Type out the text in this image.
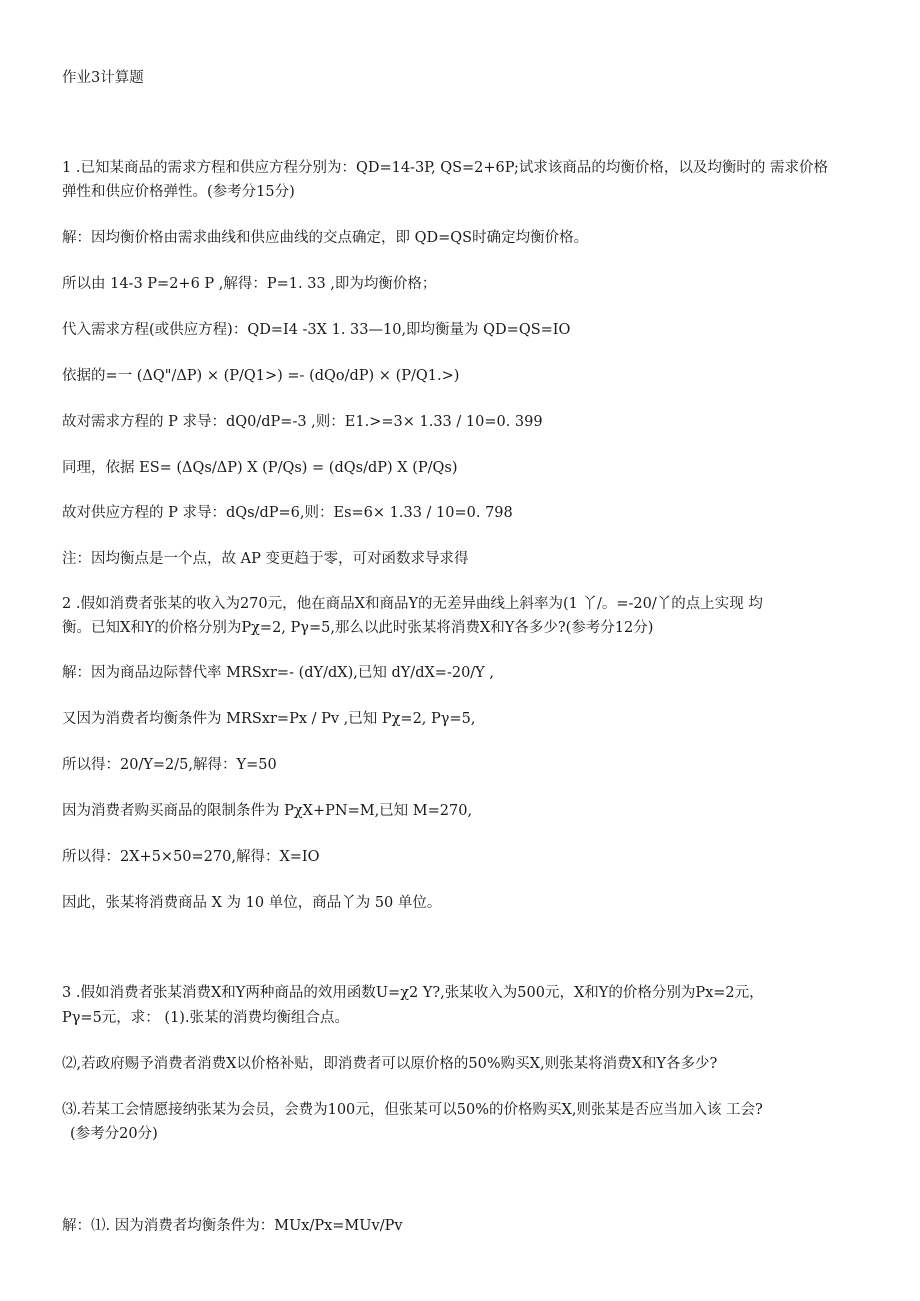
作业3计算题
1 .已知某商品的需求方程和供应方程分别为：QD=14-3P, QS=2+6P;试求该商品的均衡价格，以及均衡时的 需求价格
弹性和供应价格弹性。(参考分15分)
解：因均衡价格由需求曲线和供应曲线的交点确定，即 QD=QS时确定均衡价格。
所以由 14-3 P=2+6 P ,解得：P=1. 33 ,即为均衡价格；
代入需求方程(或供应方程)：QD=I4 -3X 1. 33—10,即均衡量为 QD=QS=IO
依据的=一 (ΔQ"/ΔP) × (P/Q1>) =- (dQo/dP) × (P/Q1.>)
故对需求方程的 P 求导：dQ0/dP=-3 ,则：E1.>=3× 1.33 / 10=0. 399
同理，依据 ES= (ΔQs/ΔP) X (P/Qs) = (dQs/dP) X (P/Qs)
故对供应方程的 P 求导：dQs/dP=6,则：Es=6× 1.33 / 10=0. 798
注：因均衡点是一个点，故 AP 变更趋于零，可对函数求导求得
2 .假如消费者张某的收入为270元，他在商品X和商品Y的无差异曲线上斜率为(1 丫/。=-20/丫的点上实现 均
衡。已知X和Y的价格分别为Pχ=2, Pγ=5,那么以此时张某将消费X和Y各多少?(参考分12分)
解：因为商品边际替代率 MRSxr=- (dY/dX),已知 dY/dX=-20/Y ,
又因为消费者均衡条件为 MRSxr=Px / Pv ,已知 Pχ=2, Pγ=5,
所以得：20/Y=2/5,解得：Y=50
因为消费者购买商品的限制条件为 PχX+PN=M,已知 M=270,
所以得：2X+5×50=270,解得：X=IO
因此，张某将消费商品 X 为 10 单位，商品丫为 50 单位。
3 .假如消费者张某消费X和Y两种商品的效用函数U=χ2 Y?,张某收入为500元，X和Y的价格分别为Px=2元，
Pγ=5元，求： (1).张某的消费均衡组合点。
⑵,若政府赐予消费者消费X以价格补贴，即消费者可以原价格的50%购买X,则张某将消费X和Y各多少?
⑶.若某工会情愿接纳张某为会员，会费为100元，但张某可以50%的价格购买X,则张某是否应当加入该 工会?
(参考分20分)
解：⑴. 因为消费者均衡条件为：MUx/Px=MUv/Pv
